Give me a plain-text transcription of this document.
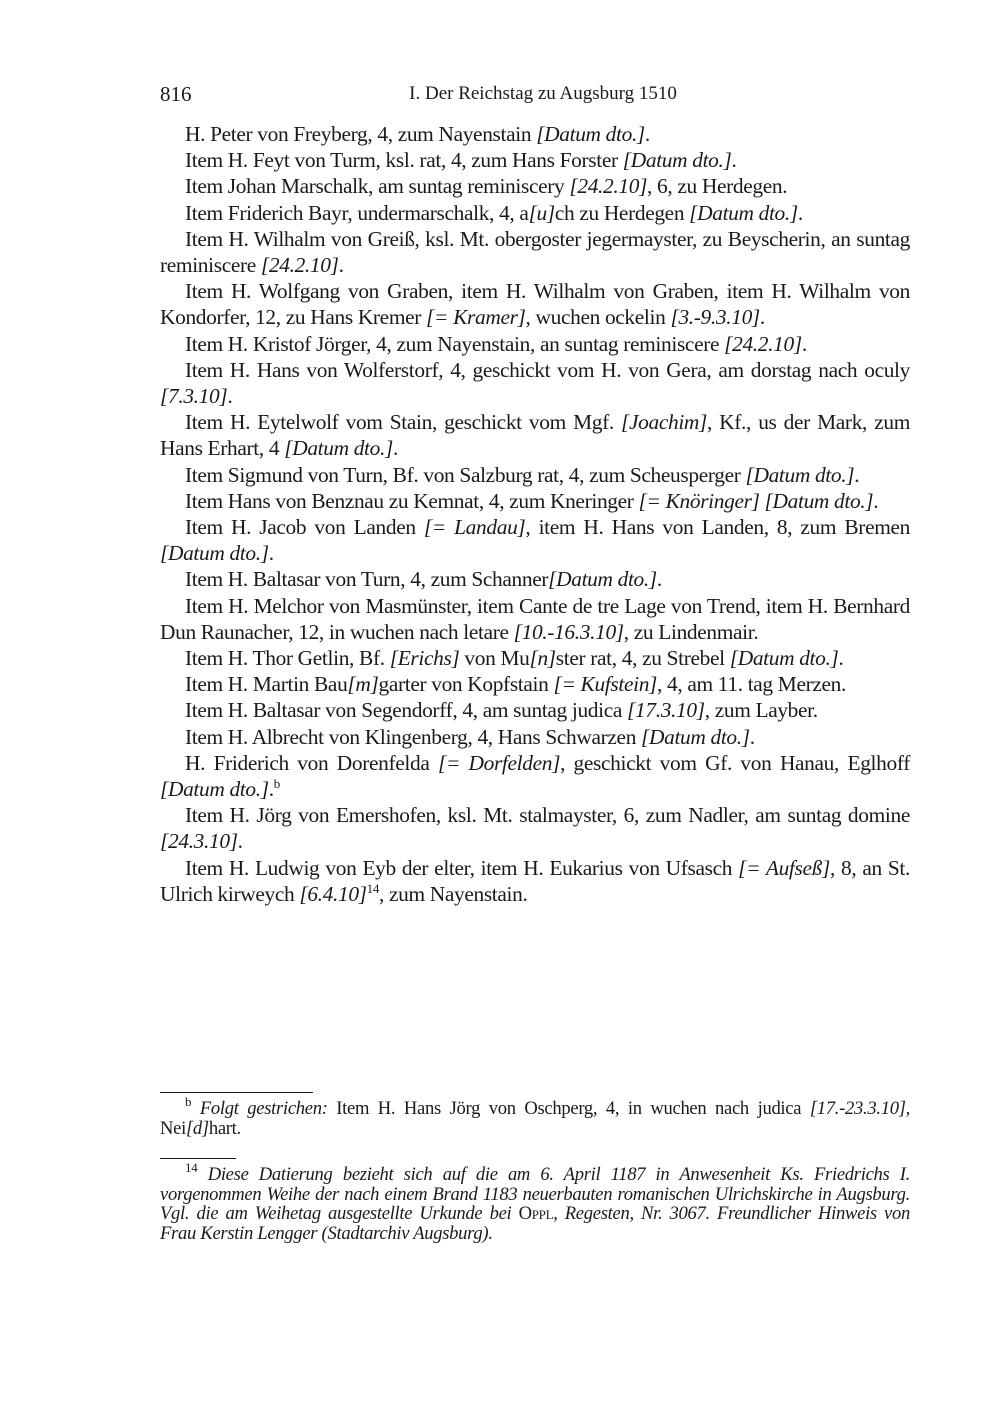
816	I. Der Reichstag zu Augsburg 1510

H. Peter von Freyberg, 4, zum Nayenstain [Datum dto.].

Item H. Feyt von Turm, ksl. rat, 4, zum Hans Forster [Datum dto.].

Item Johan Marschalk, am suntag reminiscery [24.2.10], 6, zu Herdegen.

Item Friderich Bayr, undermarschalk, 4, a[u]ch zu Herdegen [Datum dto.].

Item H. Wilhalm von Greiß, ksl. Mt. obergoster jegermayster, zu Beyscherin, an suntag reminiscere [24.2.10].

Item H. Wolfgang von Graben, item H. Wilhalm von Graben, item H. Wilhalm von Kondorfer, 12, zu Hans Kremer [= Kramer], wuchen ockelin [3.-9.3.10].

Item H. Kristof Jörger, 4, zum Nayenstain, an suntag reminiscere [24.2.10].

Item H. Hans von Wolferstorf, 4, geschickt vom H. von Gera, am dorstag nach oculy [7.3.10].

Item H. Eytelwolf vom Stain, geschickt vom Mgf. [Joachim], Kf., us der Mark, zum Hans Erhart, 4 [Datum dto.].

Item Sigmund von Turn, Bf. von Salzburg rat, 4, zum Scheusperger [Datum dto.].

Item Hans von Benznau zu Kemnat, 4, zum Kneringer [= Knöringer] [Datum dto.].

Item H. Jacob von Landen [= Landau], item H. Hans von Landen, 8, zum Bremen [Datum dto.].

Item H. Baltasar von Turn, 4, zum Schanner[Datum dto.].

Item H. Melchor von Masmünster, item Cante de tre Lage von Trend, item H. Bernhard Dun Raunacher, 12, in wuchen nach letare [10.-16.3.10], zu Lindenmair.

Item H. Thor Getlin, Bf. [Erichs] von Mu[n]ster rat, 4, zu Strebel [Datum dto.].

Item H. Martin Bau[m]garter von Kopfstain [= Kufstein], 4, am 11. tag Merzen.

Item H. Baltasar von Segendorff, 4, am suntag judica [17.3.10], zum Layber.

Item H. Albrecht von Klingenberg, 4, Hans Schwarzen [Datum dto.].

H. Friderich von Dorenfelda [= Dorfelden], geschickt vom Gf. von Hanau, Eglhoff [Datum dto.].$^b$

Item H. Jörg von Emershofen, ksl. Mt. stalmayster, 6, zum Nadler, am suntag domine [24.3.10].

Item H. Ludwig von Eyb der elter, item H. Eukarius von Ufsasch [= Aufseß], 8, an St. Ulrich kirweych $[6.4.10]^{14}$, zum Nayenstain.

$^b$ Folgt gestrichen: Item H. Hans Jörg von Oschperg, 4, in wuchen nach judica [17.-23.3.10], Nei[d]hart.

$^{14}$ Diese Datierung bezieht sich auf die am 6. April 1187 in Anwesenheit Ks. Friedrichs I. vorgenommen Weihe der nach einem Brand 1183 neuerbauten romanischen Ulrichskirche in Augsburg. Vgl. die am Weihetag ausgestellte Urkunde bei Oppl, Regesten, Nr. 3067. Freundlicher Hinweis von Frau Kerstin Lengger (Stadtarchiv Augsburg).
